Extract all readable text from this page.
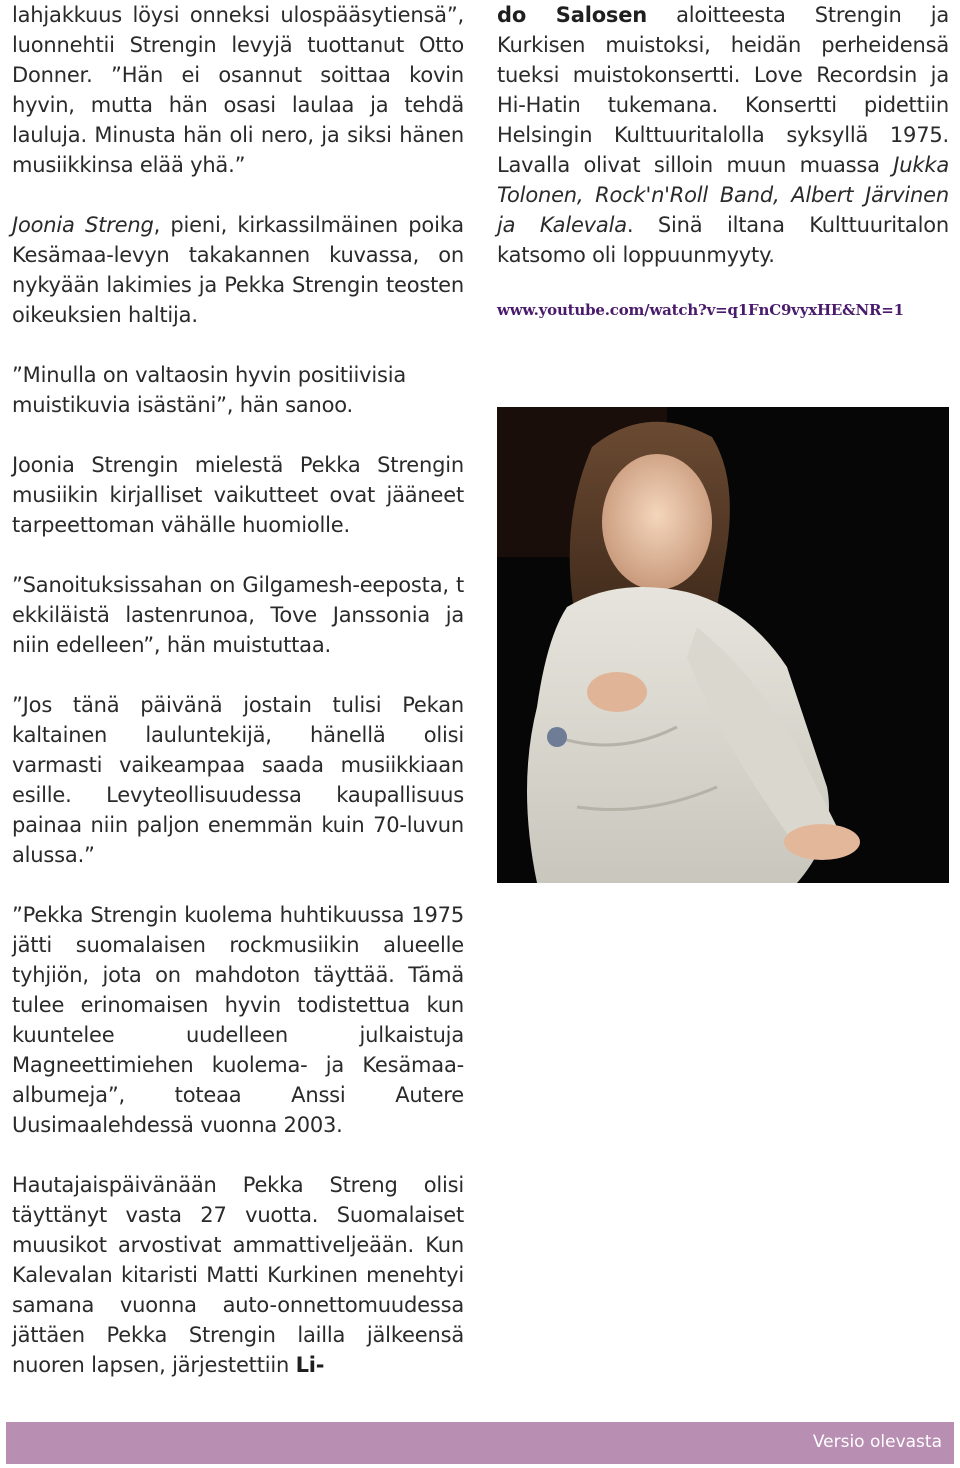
lahjakkuus löysi onneksi ulospääsytiensä”, luonnehtii Strengin levyjä tuottanut Otto Donner. ”Hän ei osannut soittaa kovin hyvin, mutta hän osasi laulaa ja tehdä lauluja. Minusta hän oli nero, ja siksi hänen musiikkinsa elää yhä.”

Joonia Streng, pieni, kirkassilmäinen poika Kesämaa-levyn takakannen kuvassa, on nykyään lakimies ja Pekka Strengin teosten oikeuksien haltija.

”Minulla on valtaosin hyvin positiivisia muistikuvia isästäni”, hän sanoo.

Joonia Strengin mielestä Pekka Strengin musiikin kirjalliset vaikutteet ovat jääneet tarpeettoman vähälle huomiolle.

”Sanoituksissahan on Gilgamesh-eeposta, t ekkiläistä lastenrunoa, Tove Janssonia ja niin edelleen”, hän muistuttaa.

”Jos tänä päivänä jostain tulisi Pekan kaltainen lauluntekijä, hänellä olisi varmasti vaikeampaa saada musiikkiaan esille. Levyteollisuudessa kaupallisuus painaa niin paljon enemmän kuin 70-luvun alussa.”

”Pekka Strengin kuolema huhtikuussa 1975 jätti suomalaisen rockmusiikin alueelle tyhjiön, jota on mahdoton täyttää. Tämä tulee erinomaisen hyvin todistettua kun kuuntelee uudelleen julkaistuja Magneettimiehen kuolema- ja Kesämaa-albumeja”, toteaa Anssi Autere Uusimaalehdessä vuonna 2003.

Hautajaispäivänään Pekka Streng olisi täyttänyt vasta 27 vuotta. Suomalaiset muusikot arvostivat ammattiveljeään. Kun Kalevalan kitaristi Matti Kurkinen menehtyi samana vuonna auto-onnettomuudessa jättäen Pekka Strengin lailla jälkeensä nuoren lapsen, järjestettiin Li-

do Salosen aloitteesta Strengin ja Kurkisen muistoksi, heidän perheidensä tueksi muistokonsertti. Love Recordsin ja Hi-Hatin tukemana. Konsertti pidettiin Helsingin Kulttuuritalolla syksyllä 1975. Lavalla olivat silloin muun muassa Jukka Tolonen, Rock'n'Roll Band, Albert Järvinen ja Kalevala. Sinä iltana Kulttuuritalon katsomo oli loppuunmyyty.

www.youtube.com/watch?v=q1FnC9vyxHE&NR=1
Versio olevasta
